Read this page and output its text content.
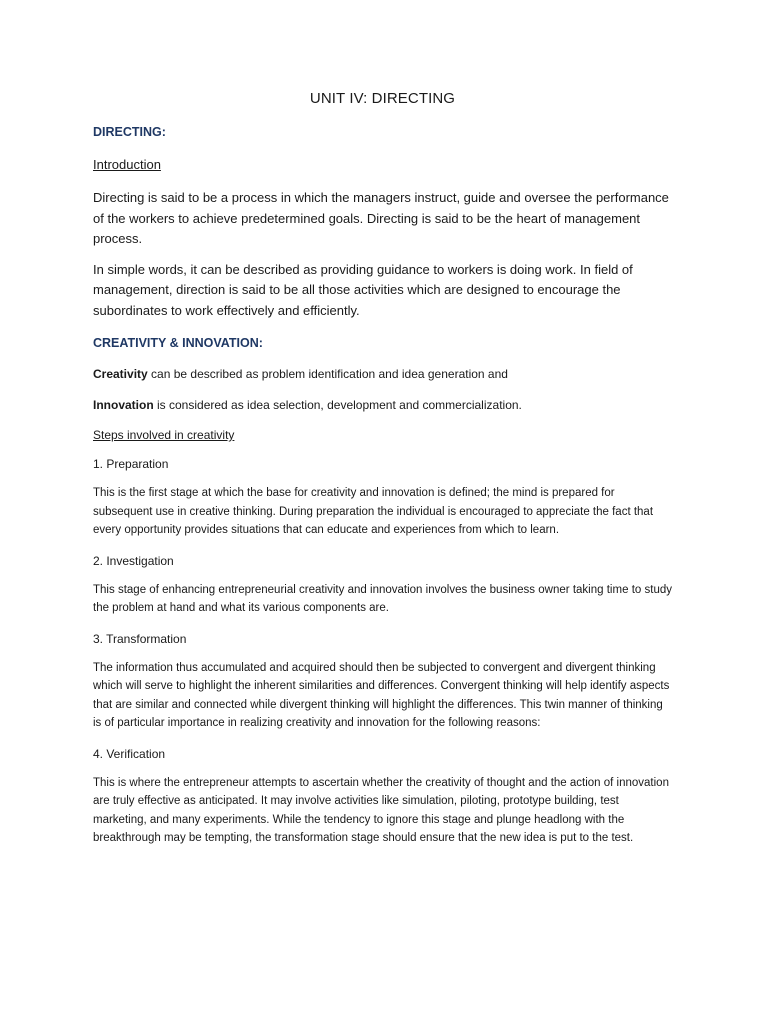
UNIT IV: DIRECTING
DIRECTING:
Introduction

Directing is said to be a process in which the managers instruct, guide and oversee the performance of the workers to achieve predetermined goals. Directing is said to be the heart of management process.

In simple words, it can be described as providing guidance to workers is doing work. In field of management, direction is said to be all those activities which are designed to encourage the subordinates to work effectively and efficiently.

CREATIVITY & INNOVATION:

Creativity can be described as problem identification and idea generation and

Innovation is considered as idea selection, development and commercialization.

Steps involved in creativity
1. Preparation

This is the first stage at which the base for creativity and innovation is defined; the mind is prepared for subsequent use in creative thinking. During preparation the individual is encouraged to appreciate the fact that every opportunity provides situations that can educate and experiences from which to learn.

2. Investigation

This stage of enhancing entrepreneurial creativity and innovation involves the business owner taking time to study the problem at hand and what its various components are.

3. Transformation

The information thus accumulated and acquired should then be subjected to convergent and divergent thinking which will serve to highlight the inherent similarities and differences. Convergent thinking will help identify aspects that are similar and connected while divergent thinking will highlight the differences. This twin manner of thinking is of particular importance in realizing creativity and innovation for the following reasons:

4. Verification

This is where the entrepreneur attempts to ascertain whether the creativity of thought and the action of innovation are truly effective as anticipated. It may involve activities like simulation, piloting, prototype building, test marketing, and many experiments. While the tendency to ignore this stage and plunge headlong with the breakthrough may be tempting, the transformation stage should ensure that the new idea is put to the test.
